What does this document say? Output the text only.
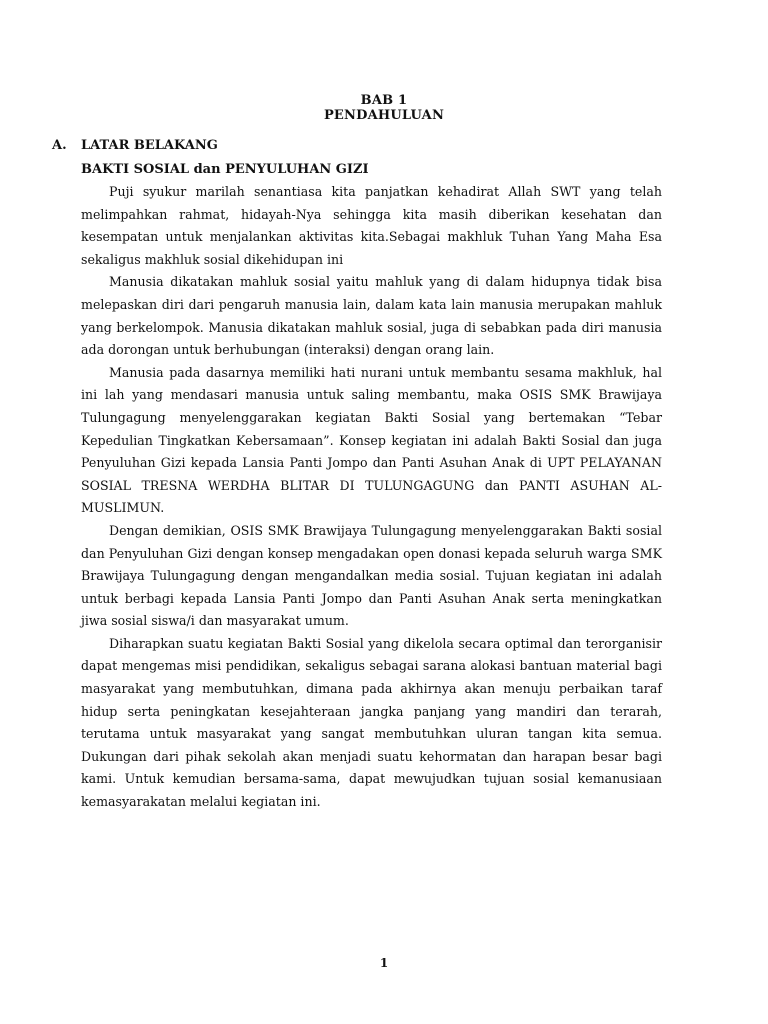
BAB 1
PENDAHULUAN
A. LATAR BELAKANG
BAKTI SOSIAL dan PENYULUHAN GIZI

Puji syukur marilah senantiasa kita panjatkan kehadirat Allah SWT yang telah melimpahkan rahmat, hidayah-Nya sehingga kita masih diberikan kesehatan dan kesempatan untuk menjalankan aktivitas kita.Sebagai makhluk Tuhan Yang Maha Esa sekaligus makhluk sosial dikehidupan ini

Manusia dikatakan mahluk sosial yaitu mahluk yang di dalam hidupnya tidak bisa melepaskan diri dari pengaruh manusia lain, dalam kata lain manusia merupakan mahluk yang berkelompok. Manusia dikatakan mahluk sosial, juga di sebabkan pada diri manusia ada dorongan untuk berhubungan (interaksi) dengan orang lain.

Manusia pada dasarnya memiliki hati nurani untuk membantu sesama makhluk, hal ini lah yang mendasari manusia untuk saling membantu, maka OSIS SMK Brawijaya Tulungagung menyelenggarakan kegiatan Bakti Sosial yang bertemakan “Tebar Kepedulian Tingkatkan Kebersamaan”. Konsep kegiatan ini adalah Bakti Sosial dan juga Penyuluhan Gizi kepada Lansia Panti Jompo dan Panti Asuhan Anak di UPT PELAYANAN SOSIAL TRESNA WERDHA BLITAR DI TULUNGAGUNG dan PANTI ASUHAN AL-MUSLIMUN.

Dengan demikian, OSIS SMK Brawijaya Tulungagung menyelenggarakan Bakti sosial dan Penyuluhan Gizi dengan konsep mengadakan open donasi kepada seluruh warga SMK Brawijaya Tulungagung dengan mengandalkan media sosial. Tujuan kegiatan ini adalah untuk berbagi kepada Lansia Panti Jompo dan Panti Asuhan Anak serta meningkatkan jiwa sosial siswa/i dan masyarakat umum.

Diharapkan suatu kegiatan Bakti Sosial yang dikelola secara optimal dan terorganisir dapat mengemas misi pendidikan, sekaligus sebagai sarana alokasi bantuan material bagi masyarakat yang membutuhkan, dimana pada akhirnya akan menuju perbaikan taraf hidup serta peningkatan kesejahteraan jangka panjang yang mandiri dan terarah, terutama untuk masyarakat yang sangat membutuhkan uluran tangan kita semua. Dukungan dari pihak sekolah akan menjadi suatu kehormatan dan harapan besar bagi kami. Untuk kemudian bersama-sama, dapat mewujudkan tujuan sosial kemanusiaan kemasyarakatan melalui kegiatan ini.

1
